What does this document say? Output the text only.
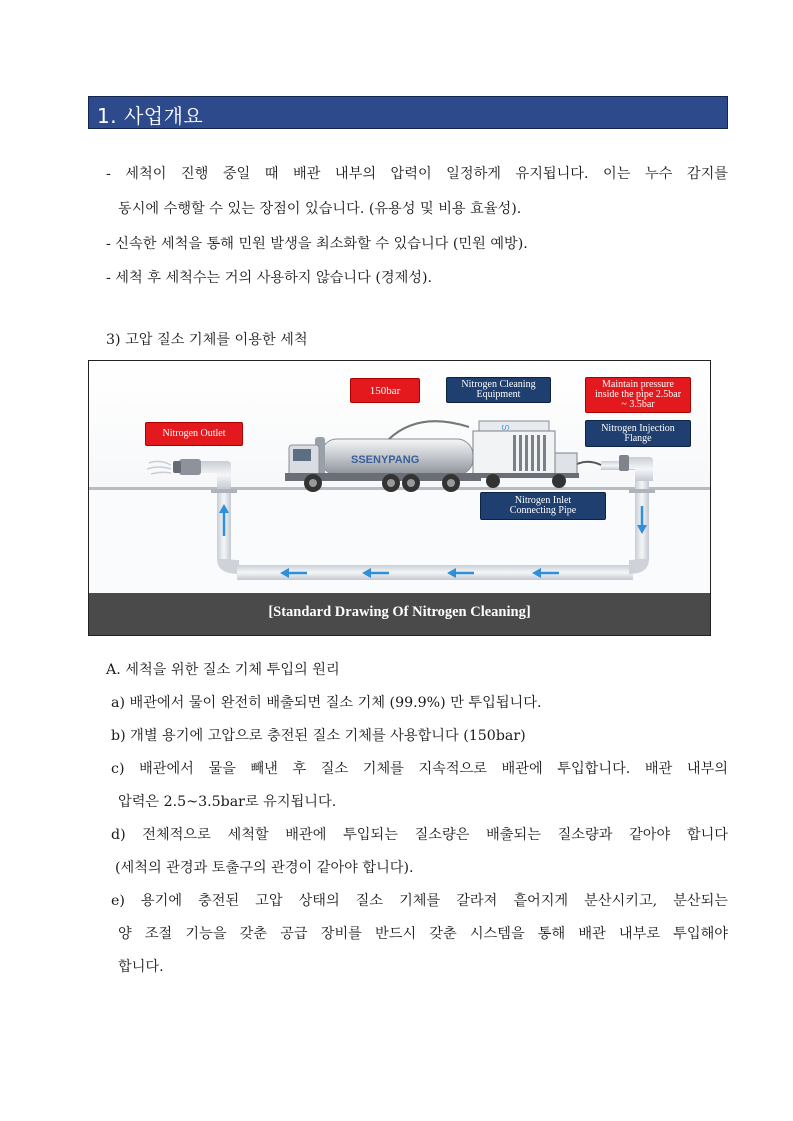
1. 사업개요
- 세척이 진행 중일 때 배관 내부의 압력이 일정하게 유지됩니다. 이는 누수 감지를
동시에 수행할 수 있는 장점이 있습니다. (유용성 및 비용 효율성).
- 신속한 세척을 통해 민원 발생을 최소화할 수 있습니다 (민원 예방).
- 세척 후 세척수는 거의 사용하지 않습니다 (경제성).
3) 고압 질소 기체를 이용한 세척
SSENYPANG
ഗ
150bar	Nitrogen Cleaning Equipment
Maintain pressure inside the pipe 2.5bar ~ 3.5bar
Nitrogen Outlet	Nitrogen Injection Flange
Nitrogen Inlet Connecting Pipe
[Standard Drawing Of Nitrogen Cleaning]
A. 세척을 위한 질소 기체 투입의 원리
a) 배관에서 물이 완전히 배출되면 질소 기체 (99.9%) 만 투입됩니다.
b) 개별 용기에 고압으로 충전된 질소 기체를 사용합니다 (150bar)
c) 배관에서 물을 빼낸 후 질소 기체를 지속적으로 배관에 투입합니다. 배관 내부의
압력은 2.5~3.5bar로 유지됩니다.
d) 전체적으로 세척할 배관에 투입되는 질소량은 배출되는 질소량과 같아야 합니다
(세척의 관경과 토출구의 관경이 같아야 합니다).
e) 용기에 충전된 고압 상태의 질소 기체를 갈라져 흩어지게 분산시키고, 분산되는
양 조절 기능을 갖춘 공급 장비를 반드시 갖춘 시스템을 통해 배관 내부로 투입해야
합니다.
